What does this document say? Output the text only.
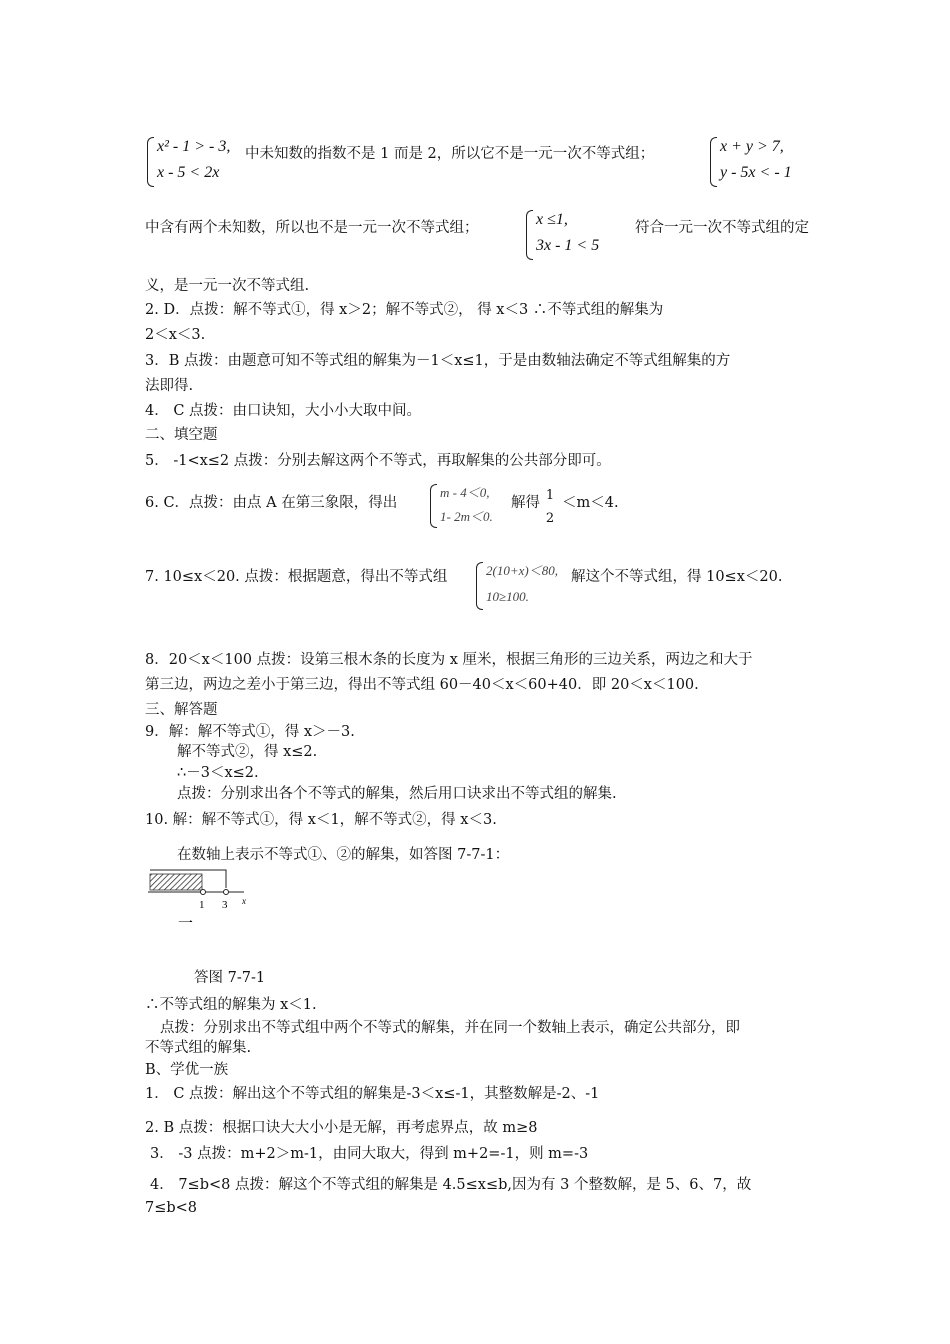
x² - 1 > - 3,
x - 5 < 2x
中未知数的指数不是 1 而是 2，所以它不是一元一次不等式组；	x + y > 7,
y - 5x < - 1
中含有两个未知数，所以也不是一元一次不等式组；	x ≤1,
3x - 1 < 5
符合一元一次不等式组的定
义，是一元一次不等式组.
2. D．点拨：解不等式①，得 x＞2；解不等式②， 得 x＜3 ∴不等式组的解集为
2＜x＜3.
3．B 点拨：由题意可知不等式组的解集为－1＜x≤1，于是由数轴法确定不等式组解集的方
法即得.
4． C 点拨：由口诀知，大小小大取中间。
二、填空题
5． -1<x≤2 点拨：分别去解这两个不等式，再取解集的公共部分即可。
6. C．点拨：由点 A 在第三象限，得出
m - 4＜0,
1- 2m＜0.
解得 1
2
＜m＜4.
7. 10≤x＜20. 点拨：根据题意，得出不等式组	2(10+x)＜80,
10≥100.
解这个不等式组，得 10≤x＜20.
8．20＜x＜100 点拨：设第三根木条的长度为 x 厘米，根据三角形的三边关系，两边之和大于
第三边，两边之差小于第三边，得出不等式组 60－40＜x＜60+40．即 20＜x＜100.
三、解答题
9．解：解不等式①，得 x＞－3.
解不等式②，得 x≤2.
∴－3＜x≤2.
点拨：分别求出各个不等式的解集，然后用口诀求出不等式组的解集.
10. 解：解不等式①，得 x＜1，解不等式②，得 x＜3.
在数轴上表示不等式①、②的解集，如答图 7-7-1：
1 3 x
一
答图 7-7-1
∴不等式组的解集为 x＜1.
点拨：分别求出不等式组中两个不等式的解集，并在同一个数轴上表示，确定公共部分，即
不等式组的解集.
B、学优一族
1． C 点拨：解出这个不等式组的解集是-3＜x≤-1，其整数解是-2、-1
2. B 点拨：根据口诀大大小小是无解，再考虑界点，故 m≥8
3． -3 点拨：m+2＞m-1，由同大取大，得到 m+2=-1，则 m=-3
4． 7≤b<8 点拨：解这个不等式组的解集是 4.5≤x≤b,因为有 3 个整数解，是 5、6、7，故
7≤b<8
